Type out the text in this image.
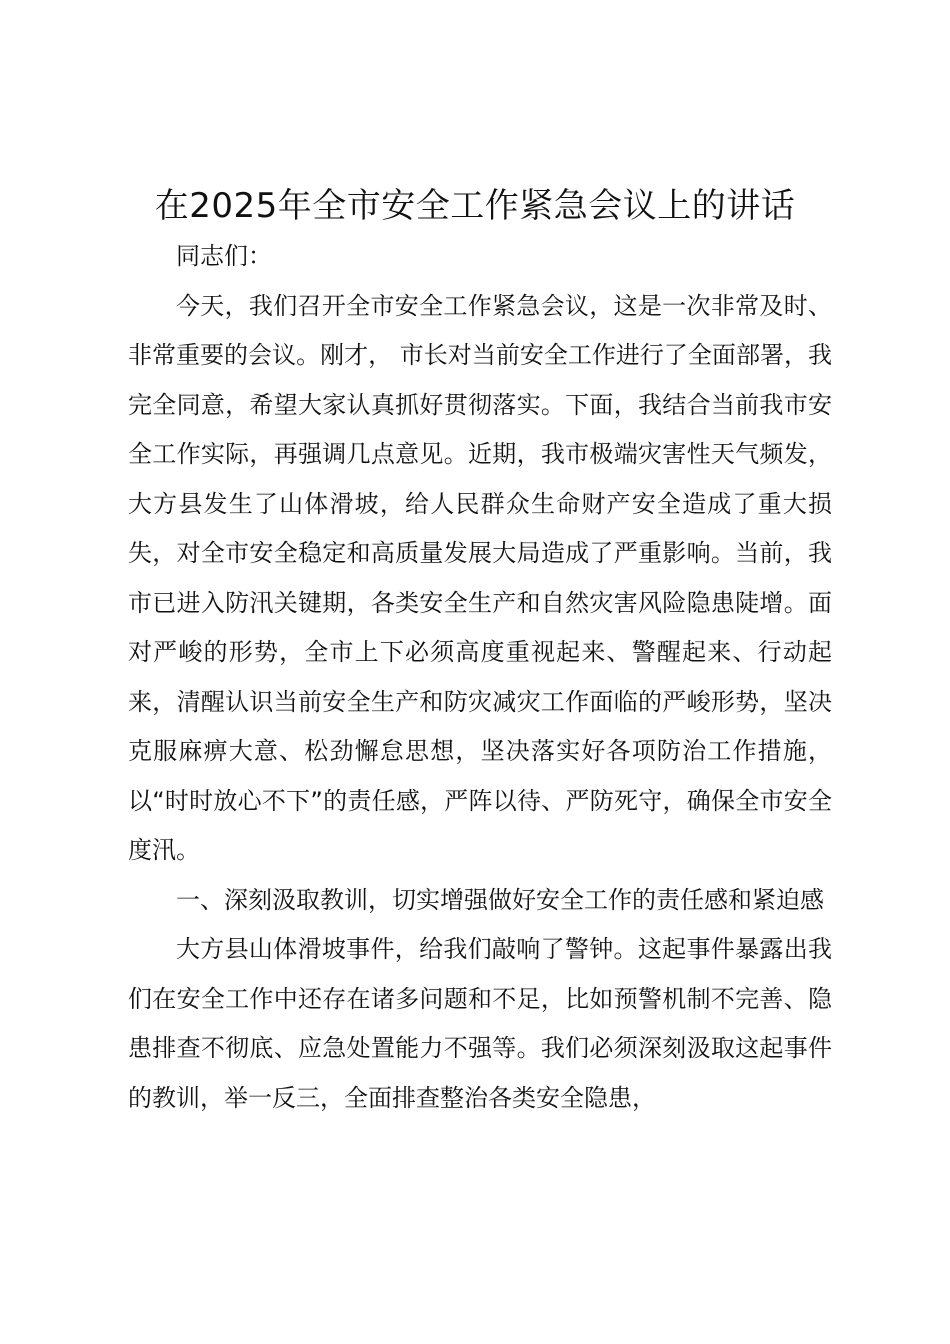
在2025年全市安全工作紧急会议上的讲话

同志们：

今天，我们召开全市安全工作紧急会议，这是一次非常及时、非常重要的会议。刚才， 市长对当前安全工作进行了全面部署，我完全同意，希望大家认真抓好贯彻落实。下面，我结合当前我市安全工作实际，再强调几点意见。近期，我市极端灾害性天气频发，大方县发生了山体滑坡，给人民群众生命财产安全造成了重大损失，对全市安全稳定和高质量发展大局造成了严重影响。当前，我市已进入防汛关键期，各类安全生产和自然灾害风险隐患陡增。面对严峻的形势，全市上下必须高度重视起来、警醒起来、行动起来，清醒认识当前安全生产和防灾减灾工作面临的严峻形势，坚决克服麻痹大意、松劲懈怠思想，坚决落实好各项防治工作措施，以“时时放心不下”的责任感，严阵以待、严防死守，确保全市安全度汛。

一、深刻汲取教训，切实增强做好安全工作的责任感和紧迫感

大方县山体滑坡事件，给我们敲响了警钟。这起事件暴露出我们在安全工作中还存在诸多问题和不足，比如预警机制不完善、隐患排查不彻底、应急处置能力不强等。我们必须深刻汲取这起事件的教训，举一反三，全面排查整治各类安全隐患，
